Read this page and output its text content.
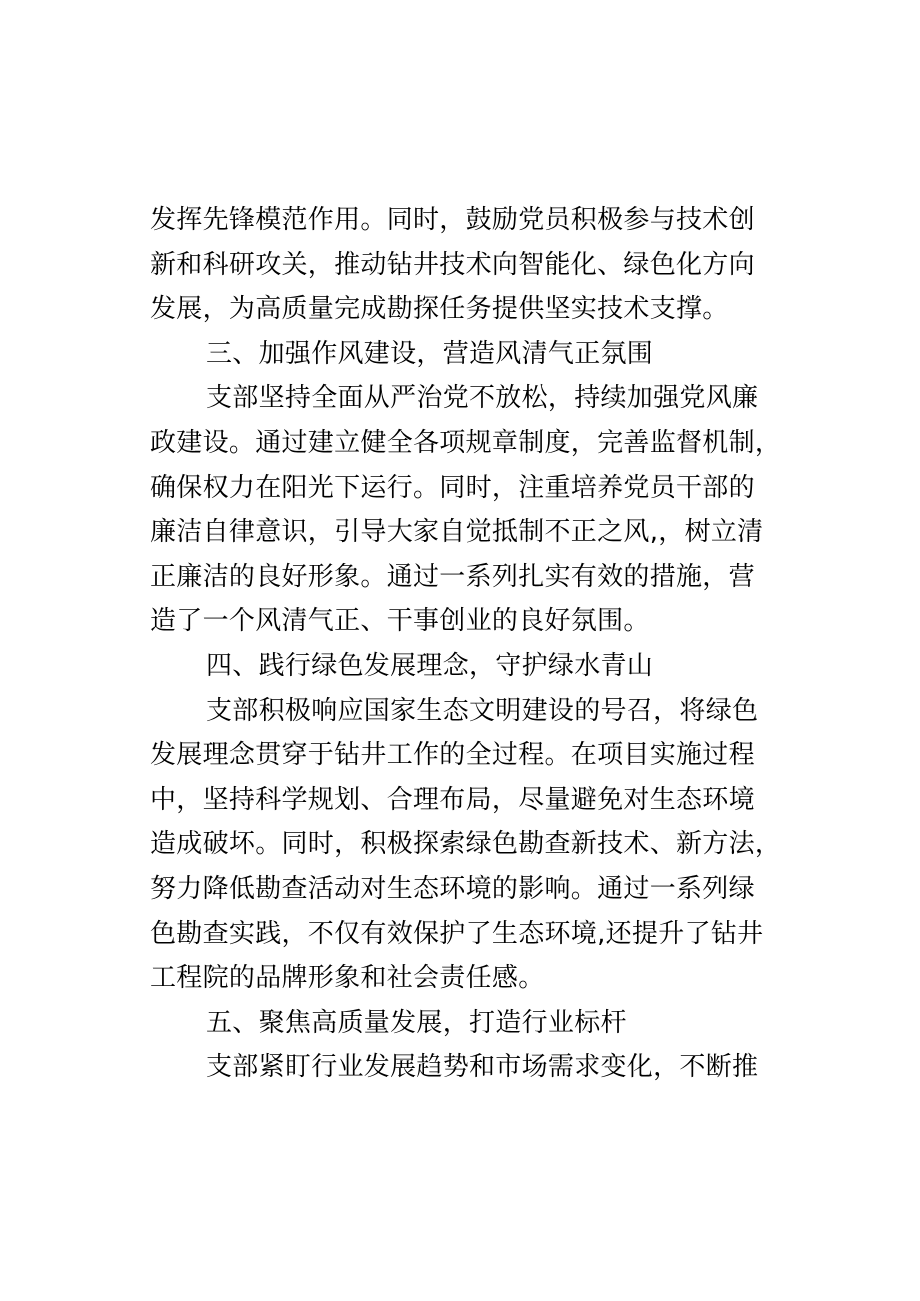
发挥先锋模范作用。同时，鼓励党员积极参与技术创
新和科研攻关，推动钻井技术向智能化、绿色化方向
发展，为高质量完成勘探任务提供坚实技术支撑。
三、加强作风建设，营造风清气正氛围
支部坚持全面从严治党不放松，持续加强党风廉
政建设。通过建立健全各项规章制度，完善监督机制，
确保权力在阳光下运行。同时，注重培养党员干部的
廉洁自律意识，引导大家自觉抵制不正之风,，树立清
正廉洁的良好形象。通过一系列扎实有效的措施，营
造了一个风清气正、干事创业的良好氛围。
四、践行绿色发展理念，守护绿水青山
支部积极响应国家生态文明建设的号召，将绿色
发展理念贯穿于钻井工作的全过程。在项目实施过程
中，坚持科学规划、合理布局，尽量避免对生态环境
造成破坏。同时，积极探索绿色勘查新技术、新方法，
努力降低勘查活动对生态环境的影响。通过一系列绿
色勘查实践，不仅有效保护了生态环境,还提升了钻井
工程院的品牌形象和社会责任感。
五、聚焦高质量发展，打造行业标杆
支部紧盯行业发展趋势和市场需求变化，不断推
